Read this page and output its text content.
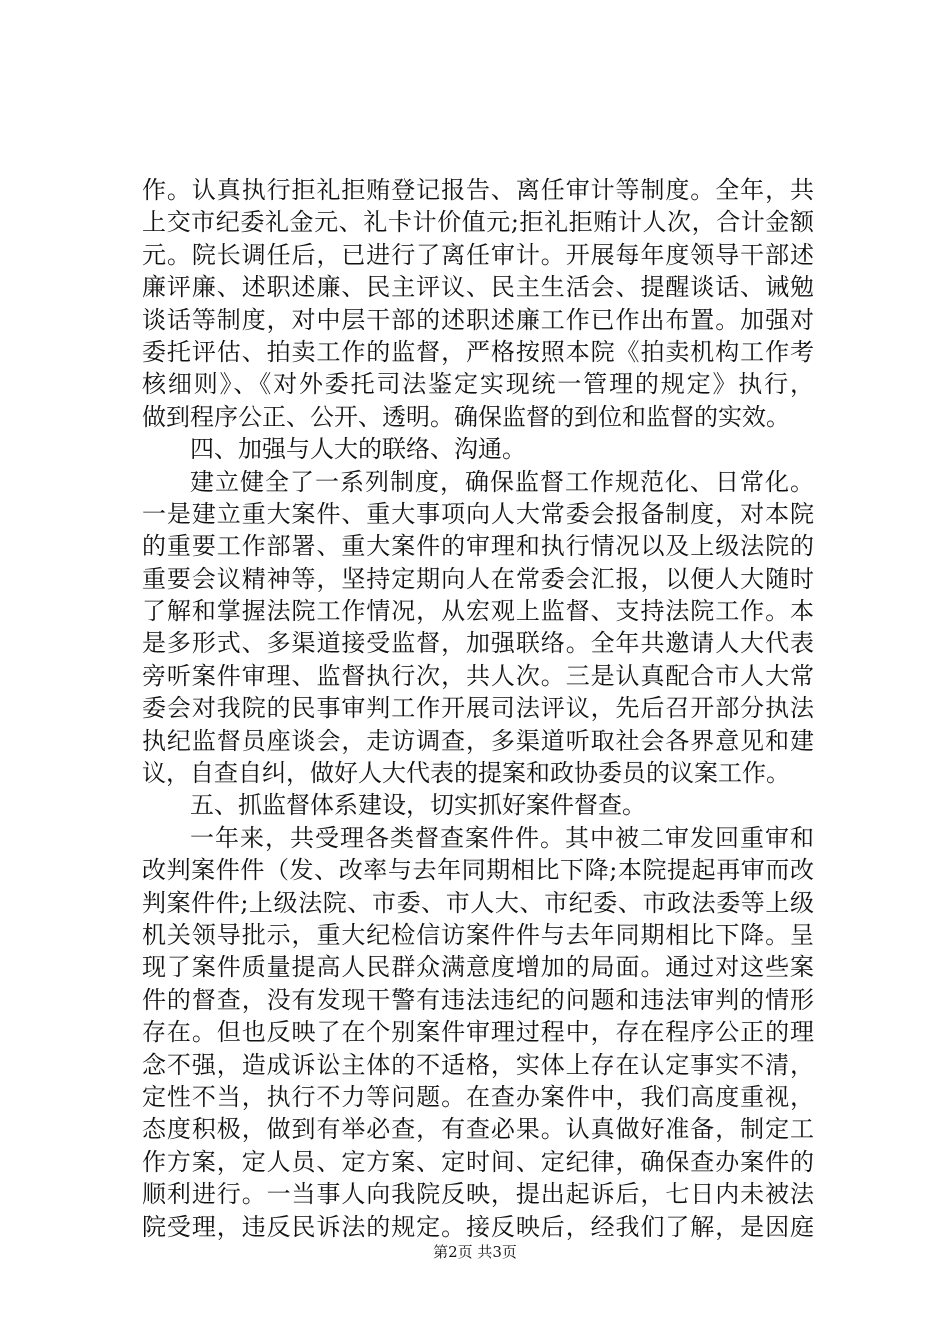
作。认真执行拒礼拒贿登记报告、离任审计等制度。全年，共
上交市纪委礼金元、礼卡计价值元;拒礼拒贿计人次，合计金额
元。院长调任后，已进行了离任审计。开展每年度领导干部述
廉评廉、述职述廉、民主评议、民主生活会、提醒谈话、诫勉
谈话等制度，对中层干部的述职述廉工作已作出布置。加强对
委托评估、拍卖工作的监督，严格按照本院《拍卖机构工作考
核细则》、《对外委托司法鉴定实现统一管理的规定》执行，
做到程序公正、公开、透明。确保监督的到位和监督的实效。
四、加强与人大的联络、沟通。
建立健全了一系列制度，确保监督工作规范化、日常化。
一是建立重大案件、重大事项向人大常委会报备制度，对本院
的重要工作部署、重大案件的审理和执行情况以及上级法院的
重要会议精神等，坚持定期向人在常委会汇报，以便人大随时
了解和掌握法院工作情况，从宏观上监督、支持法院工作。本
是多形式、多渠道接受监督，加强联络。全年共邀请人大代表
旁听案件审理、监督执行次，共人次。三是认真配合市人大常
委会对我院的民事审判工作开展司法评议，先后召开部分执法
执纪监督员座谈会，走访调查，多渠道听取社会各界意见和建
议，自查自纠，做好人大代表的提案和政协委员的议案工作。
五、抓监督体系建设，切实抓好案件督查。
一年来，共受理各类督查案件件。其中被二审发回重审和
改判案件件（发、改率与去年同期相比下降;本院提起再审而改
判案件件;上级法院、市委、市人大、市纪委、市政法委等上级
机关领导批示，重大纪检信访案件件与去年同期相比下降。呈
现了案件质量提高人民群众满意度增加的局面。通过对这些案
件的督查，没有发现干警有违法违纪的问题和违法审判的情形
存在。但也反映了在个别案件审理过程中，存在程序公正的理
念不强，造成诉讼主体的不适格，实体上存在认定事实不清，
定性不当，执行不力等问题。在查办案件中，我们高度重视，
态度积极，做到有举必查，有查必果。认真做好准备，制定工
作方案，定人员、定方案、定时间、定纪律，确保查办案件的
顺利进行。一当事人向我院反映，提出起诉后，七日内未被法
院受理，违反民诉法的规定。接反映后，经我们了解，是因庭
第2页 共3页
